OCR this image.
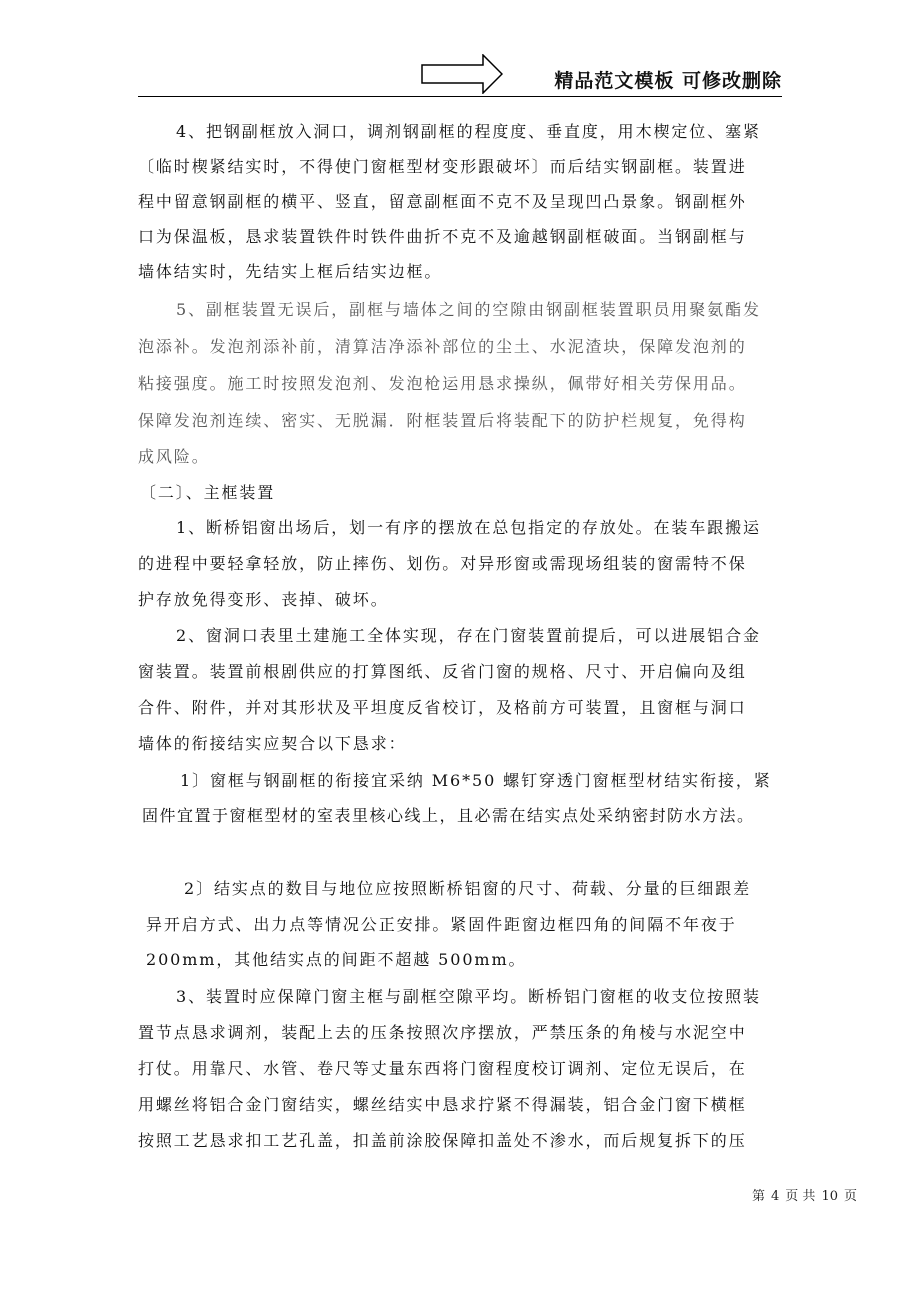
精品范文模板 可修改删除
4、把钢副框放入洞口，调剂钢副框的程度度、垂直度，用木楔定位、塞紧
〔临时楔紧结实时，不得使门窗框型材变形跟破坏〕而后结实钢副框。装置进
程中留意钢副框的横平、竖直，留意副框面不克不及呈现凹凸景象。钢副框外
口为保温板，恳求装置铁件时铁件曲折不克不及逾越钢副框破面。当钢副框与
墙体结实时，先结实上框后结实边框。
5、副框装置无误后，副框与墙体之间的空隙由钢副框装置职员用聚氨酯发
泡添补。发泡剂添补前，清算洁净添补部位的尘土、水泥渣块，保障发泡剂的
粘接强度。施工时按照发泡剂、发泡枪运用恳求操纵，佩带好相关劳保用品。
保障发泡剂连续、密实、无脱漏．附框装置后将装配下的防护栏规复，免得构
成风险。
〔二〕、主框装置
1、断桥铝窗出场后，划一有序的摆放在总包指定的存放处。在装车跟搬运
的进程中要轻拿轻放，防止摔伤、划伤。对异形窗或需现场组装的窗需特不保
护存放免得变形、丧掉、破坏。
2、窗洞口表里土建施工全体实现，存在门窗装置前提后，可以进展铝合金
窗装置。装置前根剧供应的打算图纸、反省门窗的规格、尺寸、开启偏向及组
合件、附件，并对其形状及平坦度反省校订，及格前方可装置，且窗框与洞口
墙体的衔接结实应契合以下恳求：
1〕窗框与钢副框的衔接宜采纳 M6*50 螺钉穿透门窗框型材结实衔接，紧
固件宜置于窗框型材的室表里核心线上，且必需在结实点处采纳密封防水方法。
2〕结实点的数目与地位应按照断桥铝窗的尺寸、荷载、分量的巨细跟差
异开启方式、出力点等情况公正安排。紧固件距窗边框四角的间隔不年夜于
200mm，其他结实点的间距不超越 500mm。
3、装置时应保障门窗主框与副框空隙平均。断桥铝门窗框的收支位按照装
置节点恳求调剂，装配上去的压条按照次序摆放，严禁压条的角棱与水泥空中
打仗。用靠尺、水管、卷尺等丈量东西将门窗程度校订调剂、定位无误后，在
用螺丝将铝合金门窗结实，螺丝结实中恳求拧紧不得漏装，铝合金门窗下横框
按照工艺恳求扣工艺孔盖，扣盖前涂胶保障扣盖处不渗水，而后规复拆下的压
第 4 页 共 10 页
